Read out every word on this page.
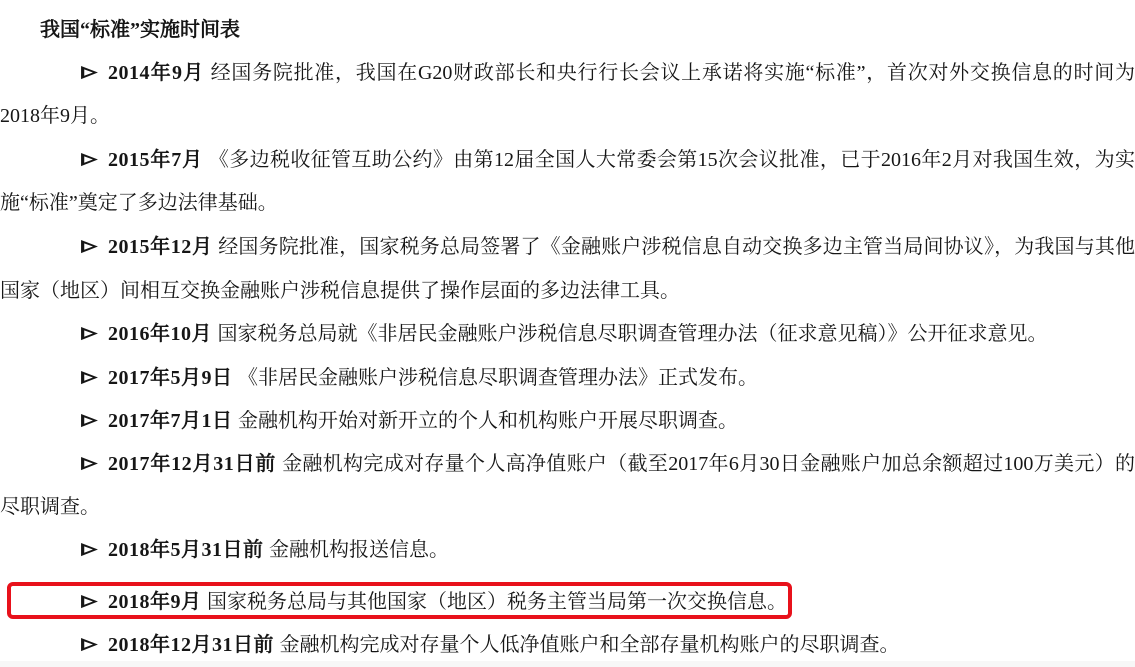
我国“标准”实施时间表

2014年9月 经国务院批准，我国在G20财政部长和央行行长会议上承诺将实施“标准”，首次对外交换信息的时间为2018年9月。

2015年7月 《多边税收征管互助公约》由第12届全国人大常委会第15次会议批准，已于2016年2月对我国生效，为实施“标准”奠定了多边法律基础。

2015年12月 经国务院批准，国家税务总局签署了《金融账户涉税信息自动交换多边主管当局间协议》，为我国与其他国家（地区）间相互交换金融账户涉税信息提供了操作层面的多边法律工具。

2016年10月 国家税务总局就《非居民金融账户涉税信息尽职调查管理办法（征求意见稿）》公开征求意见。

2017年5月9日 《非居民金融账户涉税信息尽职调查管理办法》正式发布。

2017年7月1日 金融机构开始对新开立的个人和机构账户开展尽职调查。

2017年12月31日前 金融机构完成对存量个人高净值账户（截至2017年6月30日金融账户加总余额超过100万美元）的尽职调查。

2018年5月31日前 金融机构报送信息。

2018年9月 国家税务总局与其他国家（地区）税务主管当局第一次交换信息。

2018年12月31日前 金融机构完成对存量个人低净值账户和全部存量机构账户的尽职调查。
